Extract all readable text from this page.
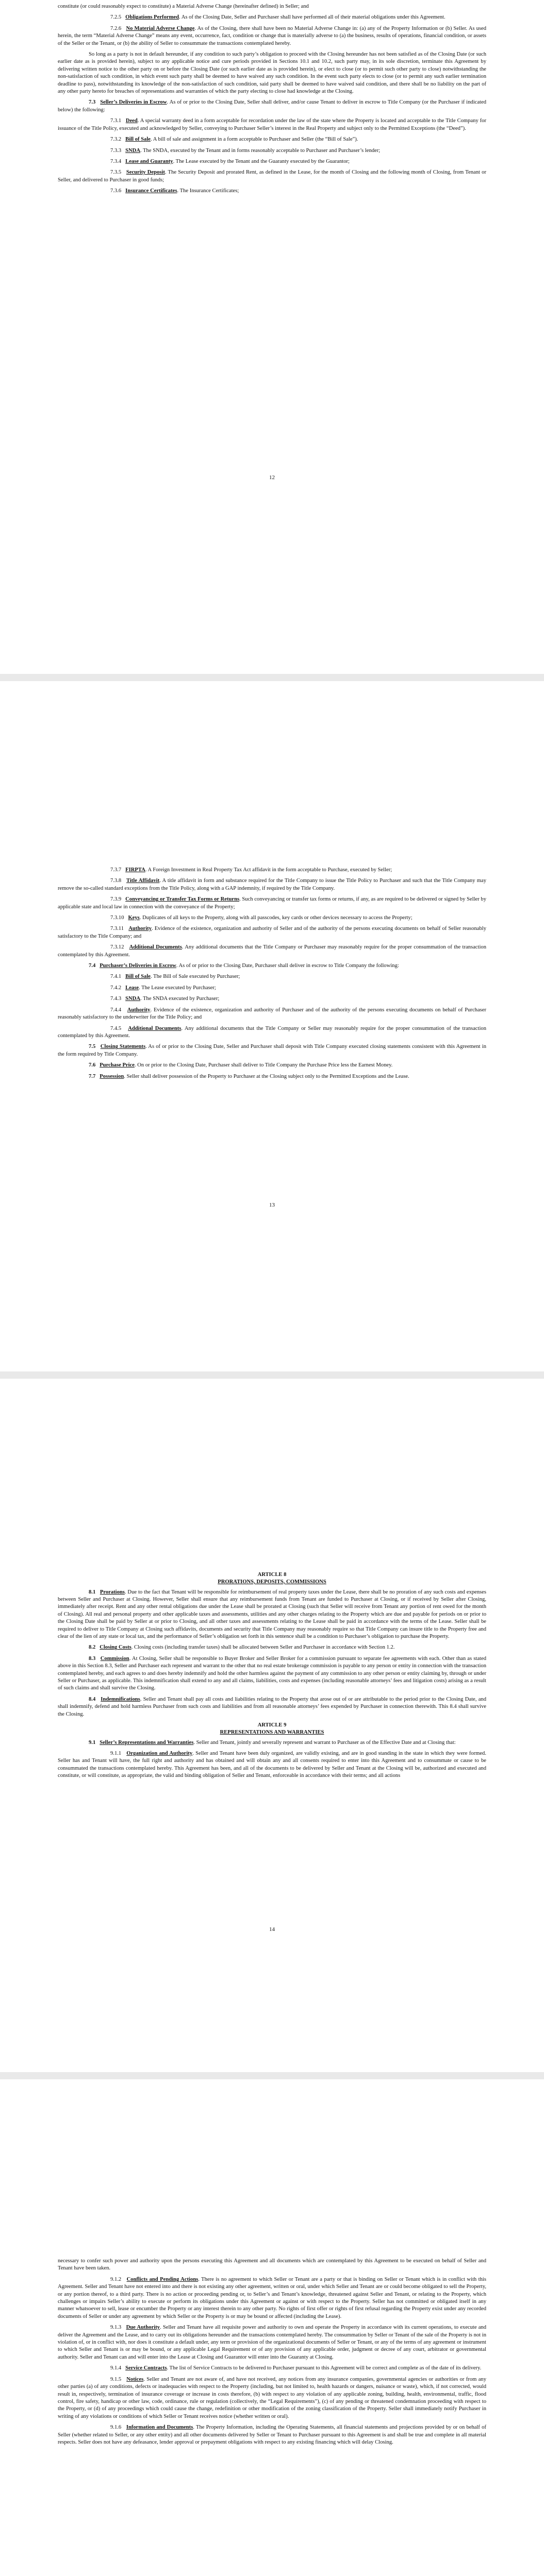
constitute (or could reasonably expect to constitute) a Material Adverse Change (hereinafter defined) in Seller; and

7.2.5 Obligations Performed. As of the Closing Date, Seller and Purchaser shall have performed all of their material obligations under this Agreement.

7.2.6 No Material Adverse Change. As of the Closing, there shall have been no Material Adverse Change in: (a) any of the Property Information or (b) Seller. As used herein, the term “Material Adverse Change” means any event, occurrence, fact, condition or change that is materially adverse to (a) the business, results of operations, financial condition, or assets of the Seller or the Tenant, or (b) the ability of Seller to consummate the transactions contemplated hereby.

So long as a party is not in default hereunder, if any condition to such party’s obligation to proceed with the Closing hereunder has not been satisfied as of the Closing Date (or such earlier date as is provided herein), subject to any applicable notice and cure periods provided in Sections 10.1 and 10.2, such party may, in its sole discretion, terminate this Agreement by delivering written notice to the other party on or before the Closing Date (or such earlier date as is provided herein), or elect to close (or to permit such other party to close) notwithstanding the non-satisfaction of such condition, in which event such party shall be deemed to have waived any such condition. In the event such party elects to close (or to permit any such earlier termination deadline to pass), notwithstanding its knowledge of the non-satisfaction of such condition, said party shall be deemed to have waived said condition, and there shall be no liability on the part of any other party hereto for breaches of representations and warranties of which the party electing to close had knowledge at the Closing.

7.3 Seller’s Deliveries in Escrow. As of or prior to the Closing Date, Seller shall deliver, and/or cause Tenant to deliver in escrow to Title Company (or the Purchaser if indicated below) the following:

7.3.1 Deed. A special warranty deed in a form acceptable for recordation under the law of the state where the Property is located and acceptable to the Title Company for issuance of the Title Policy, executed and acknowledged by Seller, conveying to Purchaser Seller’s interest in the Real Property and subject only to the Permitted Exceptions (the “Deed”).

7.3.2 Bill of Sale. A bill of sale and assignment in a form acceptable to Purchaser and Seller (the “Bill of Sale”).

7.3.3 SNDA. The SNDA, executed by the Tenant and in forms reasonably acceptable to Purchaser and Purchaser’s lender;

7.3.4 Lease and Guaranty. The Lease executed by the Tenant and the Guaranty executed by the Guarantor;

7.3.5 Security Deposit. The Security Deposit and prorated Rent, as defined in the Lease, for the month of Closing and the following month of Closing, from Tenant or Seller, and delivered to Purchaser in good funds;

7.3.6 Insurance Certificates. The Insurance Certificates;

12

7.3.7 FIRPTA. A Foreign Investment in Real Property Tax Act affidavit in the form acceptable to Purchase, executed by Seller;

7.3.8 Title Affidavit. A title affidavit in form and substance required for the Title Company to issue the Title Policy to Purchaser and such that the Title Company may remove the so-called standard exceptions from the Title Policy, along with a GAP indemnity, if required by the Title Company.

7.3.9 Conveyancing or Transfer Tax Forms or Returns. Such conveyancing or transfer tax forms or returns, if any, as are required to be delivered or signed by Seller by applicable state and local law in connection with the conveyance of the Property;

7.3.10 Keys. Duplicates of all keys to the Property, along with all passcodes, key cards or other devices necessary to access the Property;

7.3.11 Authority. Evidence of the existence, organization and authority of Seller and of the authority of the persons executing documents on behalf of Seller reasonably satisfactory to the Title Company; and

7.3.12 Additional Documents. Any additional documents that the Title Company or Purchaser may reasonably require for the proper consummation of the transaction contemplated by this Agreement.

7.4 Purchaser’s Deliveries in Escrow. As of or prior to the Closing Date, Purchaser shall deliver in escrow to Title Company the following:

7.4.1 Bill of Sale. The Bill of Sale executed by Purchaser;

7.4.2 Lease. The Lease executed by Purchaser;

7.4.3 SNDA. The SNDA executed by Purchaser;

7.4.4 Authority. Evidence of the existence, organization and authority of Purchaser and of the authority of the persons executing documents on behalf of Purchaser reasonably satisfactory to the underwriter for the Title Policy; and

7.4.5 Additional Documents. Any additional documents that the Title Company or Seller may reasonably require for the proper consummation of the transaction contemplated by this Agreement.

7.5 Closing Statements. As of or prior to the Closing Date, Seller and Purchaser shall deposit with Title Company executed closing statements consistent with this Agreement in the form required by Title Company.

7.6 Purchase Price. On or prior to the Closing Date, Purchaser shall deliver to Title Company the Purchase Price less the Earnest Money.

7.7 Possession. Seller shall deliver possession of the Property to Purchaser at the Closing subject only to the Permitted Exceptions and the Lease.

13
ARTICLE 8
PRORATIONS, DEPOSITS, COMMISSIONS

8.1 Prorations. Due to the fact that Tenant will be responsible for reimbursement of real property taxes under the Lease, there shall be no proration of any such costs and expenses between Seller and Purchaser at Closing. However, Seller shall ensure that any reimbursement funds from Tenant are funded to Purchaser at Closing, or if received by Seller after Closing, immediately after receipt. Rent and any other rental obligations due under the Lease shall be prorated at Closing (such that Seller will receive from Tenant any portion of rent owed for the month of Closing). All real and personal property and other applicable taxes and assessments, utilities and any other charges relating to the Property which are due and payable for periods on or prior to the Closing Date shall be paid by Seller at or prior to Closing, and all other taxes and assessments relating to the Lease shall be paid in accordance with the terms of the Lease. Seller shall be required to deliver to Title Company at Closing such affidavits, documents and security that Title Company may reasonably require so that Title Company can insure title to the Property free and clear of the lien of any state or local tax, and the performance of Seller’s obligation set forth in this sentence shall be a condition to Purchaser’s obligation to purchase the Property.

8.2 Closing Costs. Closing costs (including transfer taxes) shall be allocated between Seller and Purchaser in accordance with Section 1.2.

8.3 Commission. At Closing, Seller shall be responsible to Buyer Broker and Seller Broker for a commission pursuant to separate fee agreements with each. Other than as stated above in this Section 8.3, Seller and Purchaser each represent and warrant to the other that no real estate brokerage commission is payable to any person or entity in connection with the transaction contemplated hereby, and each agrees to and does hereby indemnify and hold the other harmless against the payment of any commission to any other person or entity claiming by, through or under Seller or Purchaser, as applicable. This indemnification shall extend to any and all claims, liabilities, costs and expenses (including reasonable attorneys’ fees and litigation costs) arising as a result of such claims and shall survive the Closing.

8.4 Indemnifications. Seller and Tenant shall pay all costs and liabilities relating to the Property that arose out of or are attributable to the period prior to the Closing Date, and shall indemnify, defend and hold harmless Purchaser from such costs and liabilities and from all reasonable attorneys’ fees expended by Purchaser in connection therewith. This 8.4 shall survive the Closing.

ARTICLE 9
REPRESENTATIONS AND WARRANTIES

9.1 Seller’s Representations and Warranties. Seller and Tenant, jointly and severally represent and warrant to Purchaser as of the Effective Date and at Closing that:

9.1.1 Organization and Authority. Seller and Tenant have been duly organized, are validly existing, and are in good standing in the state in which they were formed. Seller has and Tenant will have, the full right and authority and has obtained and will obtain any and all consents required to enter into this Agreement and to consummate or cause to be consummated the transactions contemplated hereby. This Agreement has been, and all of the documents to be delivered by Seller and Tenant at the Closing will be, authorized and executed and constitute, or will constitute, as appropriate, the valid and binding obligation of Seller and Tenant, enforceable in accordance with their terms; and all actions

14

necessary to confer such power and authority upon the persons executing this Agreement and all documents which are contemplated by this Agreement to be executed on behalf of Seller and Tenant have been taken.

9.1.2 Conflicts and Pending Actions. There is no agreement to which Seller or Tenant are a party or that is binding on Seller or Tenant which is in conflict with this Agreement. Seller and Tenant have not entered into and there is not existing any other agreement, written or oral, under which Seller and Tenant are or could become obligated to sell the Property, or any portion thereof, to a third party. There is no action or proceeding pending or, to Seller’s and Tenant’s knowledge, threatened against Seller and Tenant, or relating to the Property, which challenges or impairs Seller’s ability to execute or perform its obligations under this Agreement or against or with respect to the Property. Seller has not committed or obligated itself in any manner whatsoever to sell, lease or encumber the Property or any interest therein to any other party. No rights of first offer or rights of first refusal regarding the Property exist under any recorded documents of Seller or under any agreement by which Seller or the Property is or may be bound or affected (including the Lease).

9.1.3 Due Authority. Seller and Tenant have all requisite power and authority to own and operate the Property in accordance with its current operations, to execute and deliver the Agreement and the Lease, and to carry out its obligations hereunder and the transactions contemplated hereby. The consummation by Seller or Tenant of the sale of the Property is not in violation of, or in conflict with, nor does it constitute a default under, any term or provision of the organizational documents of Seller or Tenant, or any of the terms of any agreement or instrument to which Seller and Tenant is or may be bound, or any applicable Legal Requirement or of any provision of any applicable order, judgment or decree of any court, arbitrator or governmental authority. Seller and Tenant can and will enter into the Lease at Closing and Guarantor will enter into the Guaranty at Closing.

9.1.4 Service Contracts. The list of Service Contracts to be delivered to Purchaser pursuant to this Agreement will be correct and complete as of the date of its delivery.

9.1.5 Notices. Seller and Tenant are not aware of, and have not received, any notices from any insurance companies, governmental agencies or authorities or from any other parties (a) of any conditions, defects or inadequacies with respect to the Property (including, but not limited to, health hazards or dangers, nuisance or waste), which, if not corrected, would result in, respectively, termination of insurance coverage or increase in costs therefore, (b) with respect to any violation of any applicable zoning, building, health, environmental, traffic, flood control, fire safety, handicap or other law, code, ordinance, rule or regulation (collectively, the “Legal Requirements”), (c) of any pending or threatened condemnation proceeding with respect to the Property, or (d) of any proceedings which could cause the change, redefinition or other modification of the zoning classification of the Property. Seller shall immediately notify Purchaser in writing of any violations or conditions of which Seller or Tenant receives notice (whether written or oral).

9.1.6 Information and Documents. The Property Information, including the Operating Statements, all financial statements and projections provided by or on behalf of Seller (whether related to Seller, or any other entity) and all other documents delivered by Seller or Tenant to Purchaser pursuant to this Agreement is and shall be true and complete in all material respects. Seller does not have any defeasance, lender approval or prepayment obligations with respect to any existing financing which will delay Closing.
